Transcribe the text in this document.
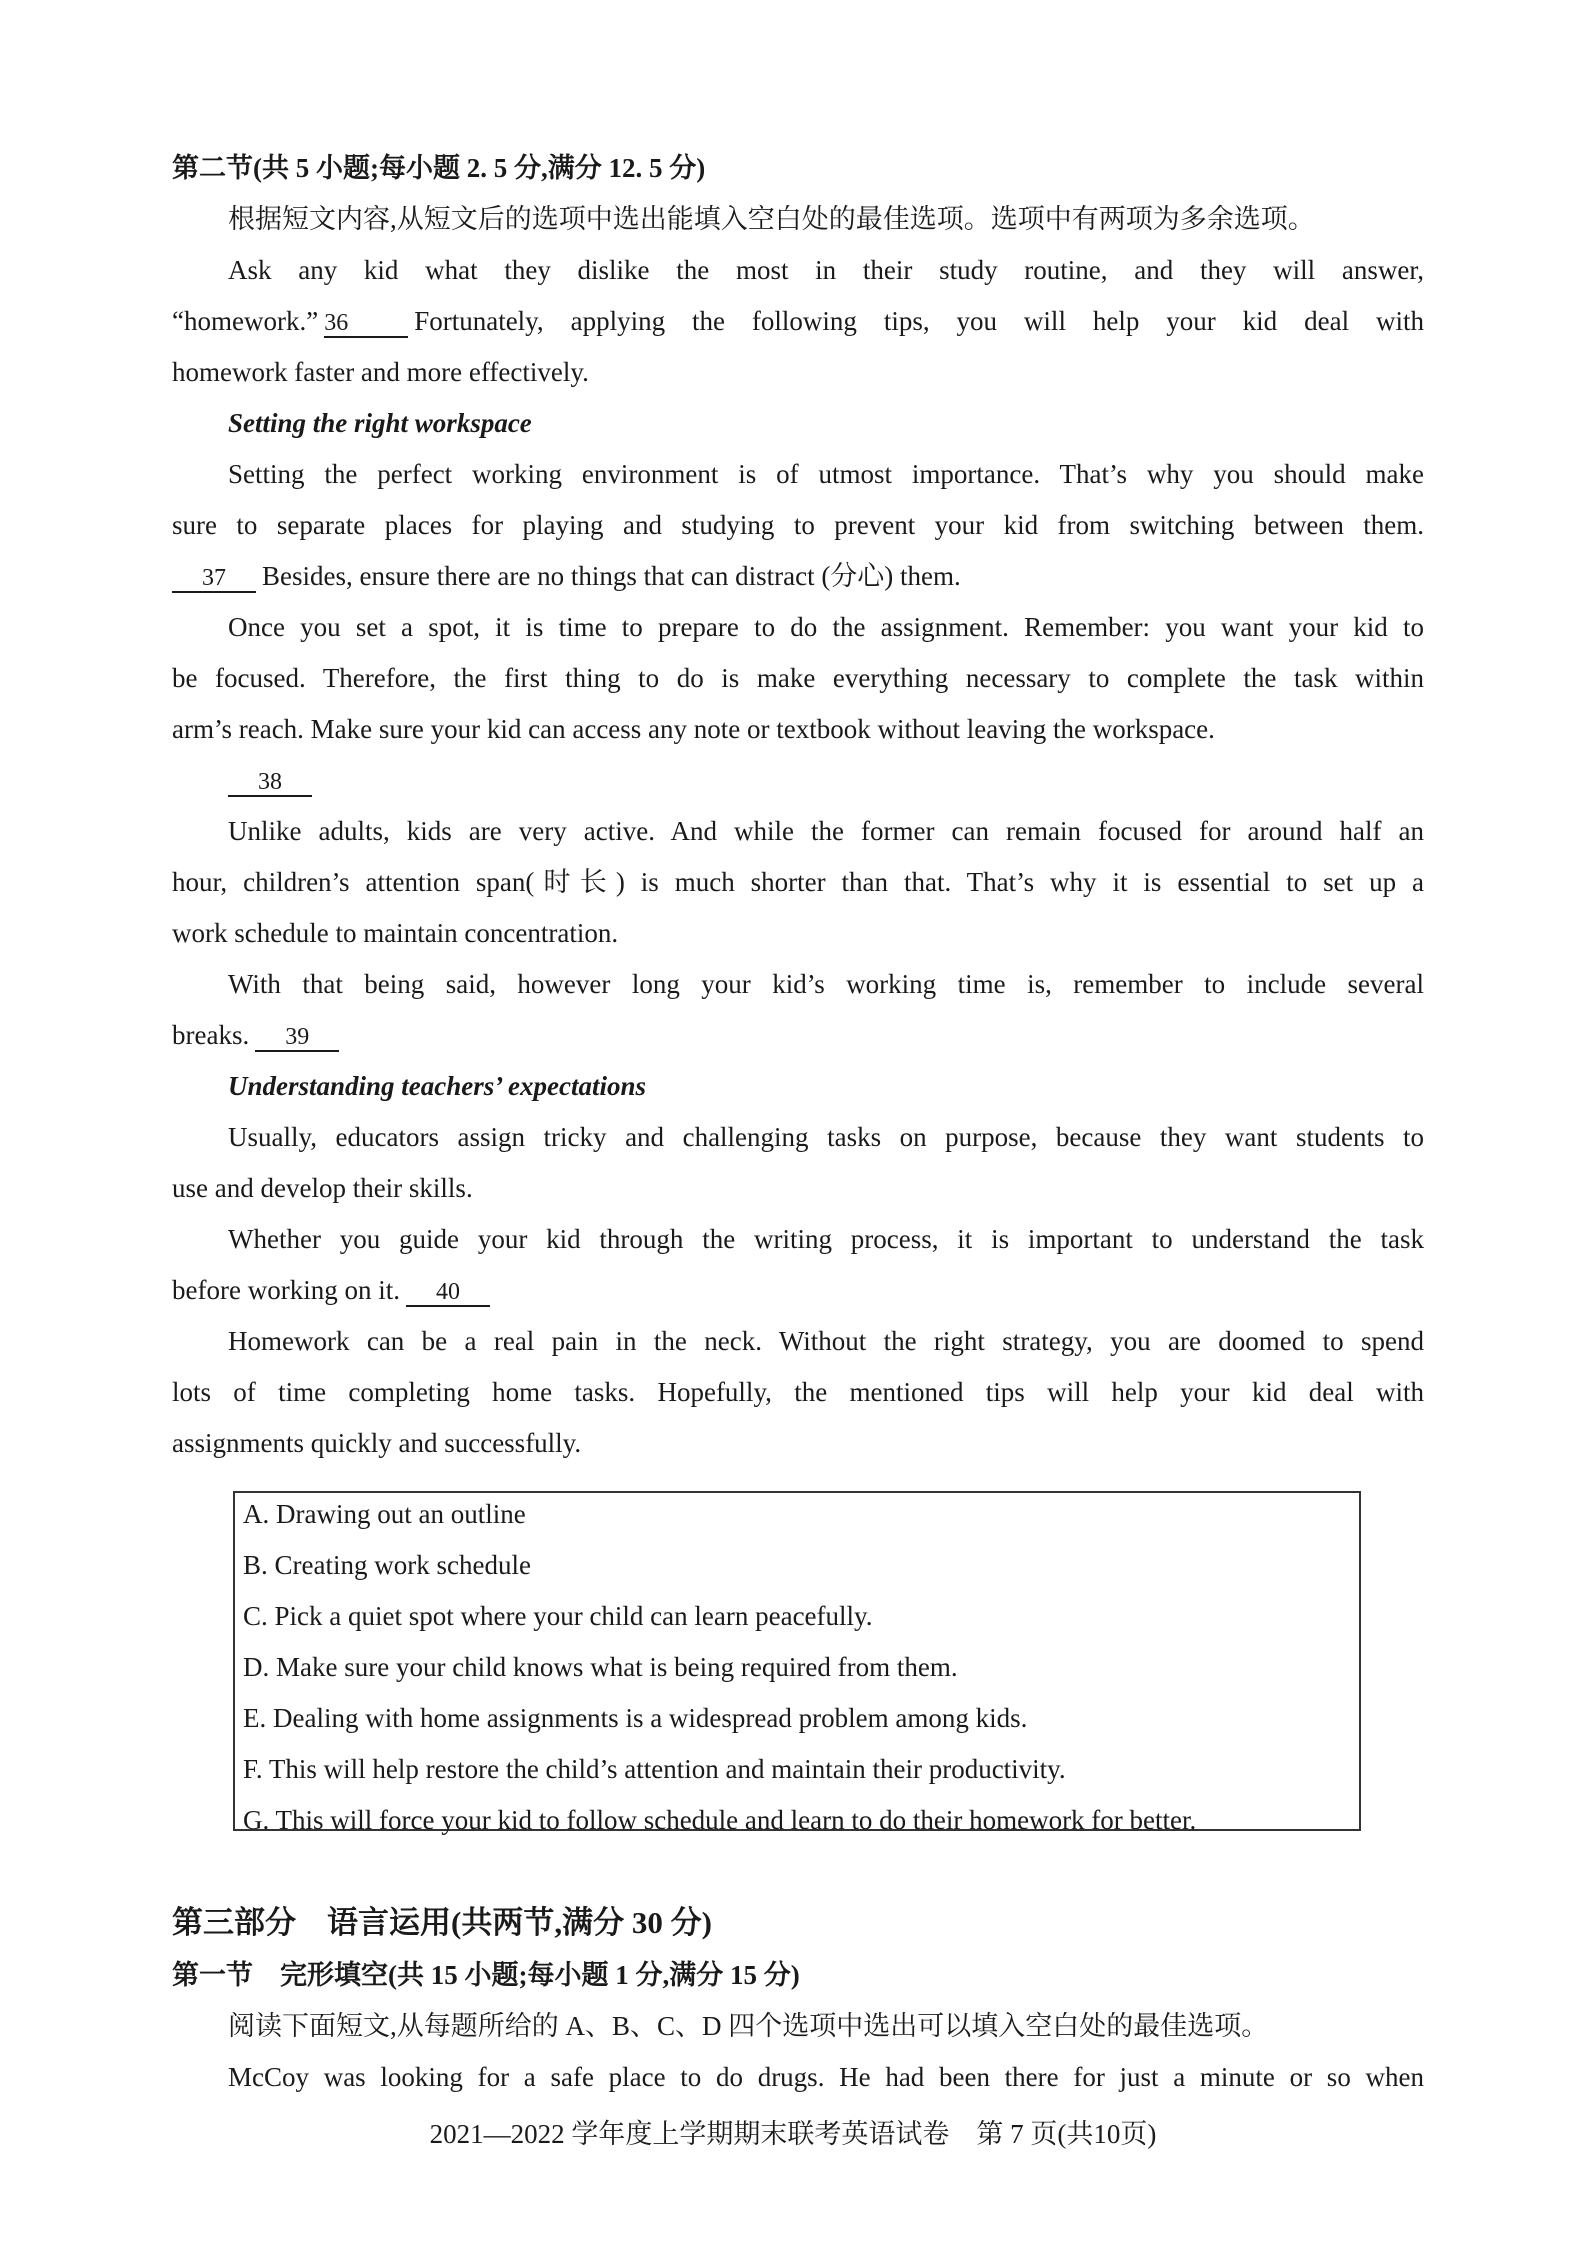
第二节(共 5 小题;每小题 2. 5 分,满分 12. 5 分)
根据短文内容,从短文后的选项中选出能填入空白处的最佳选项。选项中有两项为多余选项。
Ask any kid what they dislike the most in their study routine, and they will answer,
“homework.” 36 Fortunately, applying the following tips, you will help your kid deal with
homework faster and more effectively.
Setting the right workspace
Setting the perfect working environment is of utmost importance. That’s why you should make
sure to separate places for playing and studying to prevent your kid from switching between them.
37 Besides, ensure there are no things that can distract (分心) them.
Once you set a spot, it is time to prepare to do the assignment. Remember: you want your kid to
be focused. Therefore, the first thing to do is make everything necessary to complete the task within
arm’s reach. Make sure your kid can access any note or textbook without leaving the workspace.
38
Unlike adults, kids are very active. And while the former can remain focused for around half an
hour, children’s attention span(时长) is much shorter than that. That’s why it is essential to set up a
work schedule to maintain concentration.
With that being said, however long your kid’s working time is, remember to include several
breaks. 39
Understanding teachers’ expectations
Usually, educators assign tricky and challenging tasks on purpose, because they want students to
use and develop their skills.
Whether you guide your kid through the writing process, it is important to understand the task
before working on it. 40
Homework can be a real pain in the neck. Without the right strategy, you are doomed to spend
lots of time completing home tasks. Hopefully, the mentioned tips will help your kid deal with
assignments quickly and successfully.
A. Drawing out an outline
B. Creating work schedule
C. Pick a quiet spot where your child can learn peacefully.
D. Make sure your child knows what is being required from them.
E. Dealing with home assignments is a widespread problem among kids.
F. This will help restore the child’s attention and maintain their productivity.
G. This will force your kid to follow schedule and learn to do their homework for better.
第三部分　语言运用(共两节,满分 30 分)
第一节　完形填空(共 15 小题;每小题 1 分,满分 15 分)
阅读下面短文,从每题所给的 A、B、C、D 四个选项中选出可以填入空白处的最佳选项。
McCoy was looking for a safe place to do drugs. He had been there for just a minute or so when
2021—2022 学年度上学期期末联考英语试卷　第 7 页(共10页)
